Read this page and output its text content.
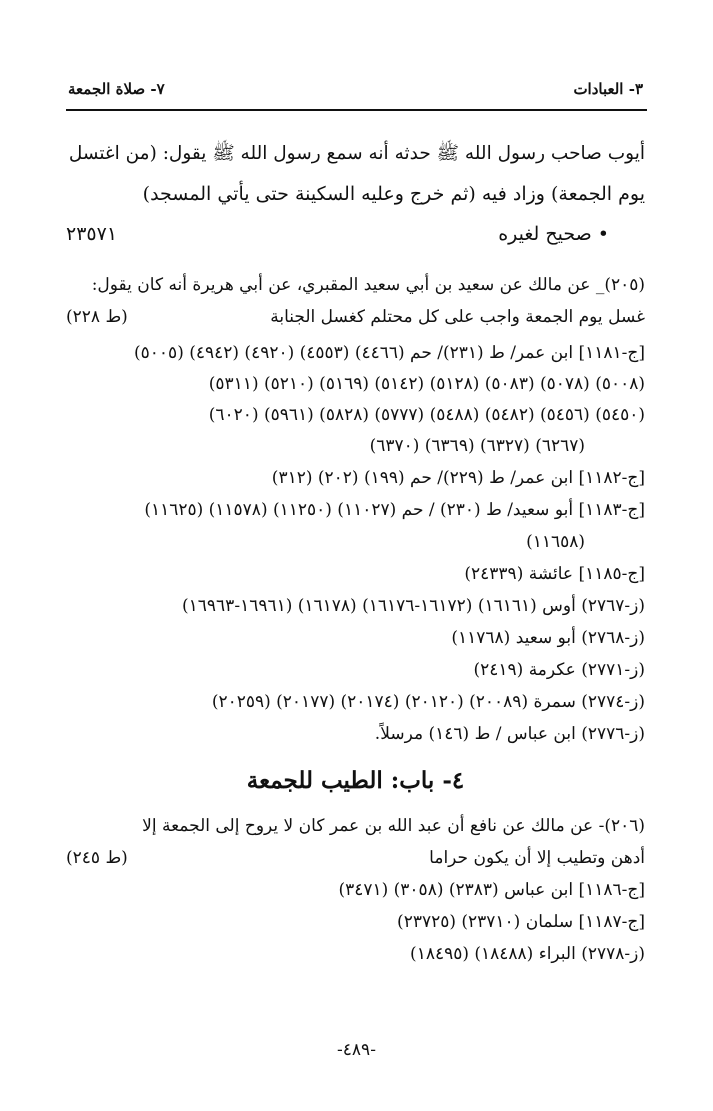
٣- العبادات
٧- صلاة الجمعة
أيوب صاحب رسول الله ﷺ حدثه أنه سمع رسول الله ﷺ يقول: (من اغتسل
يوم الجمعة) وزاد فيه (ثم خرج وعليه السكينة حتى يأتي المسجد)
• صحيح لغيره
٢٣٥٧١
(٢٠٥)_ عن مالك عن سعيد بن أبي سعيد المقبري، عن أبي هريرة أنه كان يقول:
غسل يوم الجمعة واجب على كل محتلم كغسل الجنابة
(ط ٢٢٨)
[ج-١١٨١] ابن عمر/ ط (٢٣١)/ حم (٤٤٦٦) (٤٥٥٣) (٤٩٢٠) (٤٩٤٢) (٥٠٠٥)
(٥٠٠٨) (٥٠٧٨) (٥٠٨٣) (٥١٢٨) (٥١٤٢) (٥١٦٩) (٥٢١٠) (٥٣١١)
(٥٤٥٠) (٥٤٥٦) (٥٤٨٢) (٥٤٨٨) (٥٧٧٧) (٥٨٢٨) (٥٩٦١) (٦٠٢٠)
(٦٢٦٧) (٦٣٢٧) (٦٣٦٩) (٦٣٧٠)
[ج-١١٨٢] ابن عمر/ ط (٢٢٩)/ حم (١٩٩) (٢٠٢) (٣١٢)
[ج-١١٨٣] أبو سعيد/ ط (٢٣٠) / حم (١١٠٢٧) (١١٢٥٠) (١١٥٧٨) (١١٦٢٥)
(١١٦٥٨)
[ج-١١٨٥] عائشة (٢٤٣٣٩)
(ز-٢٧٦٧) أوس (١٦١٦١) (١٦١٧٢-١٦١٧٦) (١٦١٧٨) (١٦٩٦١-١٦٩٦٣)
(ز-٢٧٦٨) أبو سعيد (١١٧٦٨)
(ز-٢٧٧١) عكرمة (٢٤١٩)
(ز-٢٧٧٤) سمرة (٢٠٠٨٩) (٢٠١٢٠) (٢٠١٧٤) (٢٠١٧٧) (٢٠٢٥٩)
(ز-٢٧٧٦) ابن عباس / ط (١٤٦) مرسلاً.
٤- باب: الطيب للجمعة
(٢٠٦)- عن مالك عن نافع أن عبد الله بن عمر كان لا يروح إلى الجمعة إلا
أدهن وتطيب إلا أن يكون حراما
(ط ٢٤٥)
[ج-١١٨٦] ابن عباس (٢٣٨٣) (٣٠٥٨) (٣٤٧١)
[ج-١١٨٧] سلمان (٢٣٧١٠) (٢٣٧٢٥)
(ز-٢٧٧٨) البراء (١٨٤٨٨) (١٨٤٩٥)
-٤٨٩-
